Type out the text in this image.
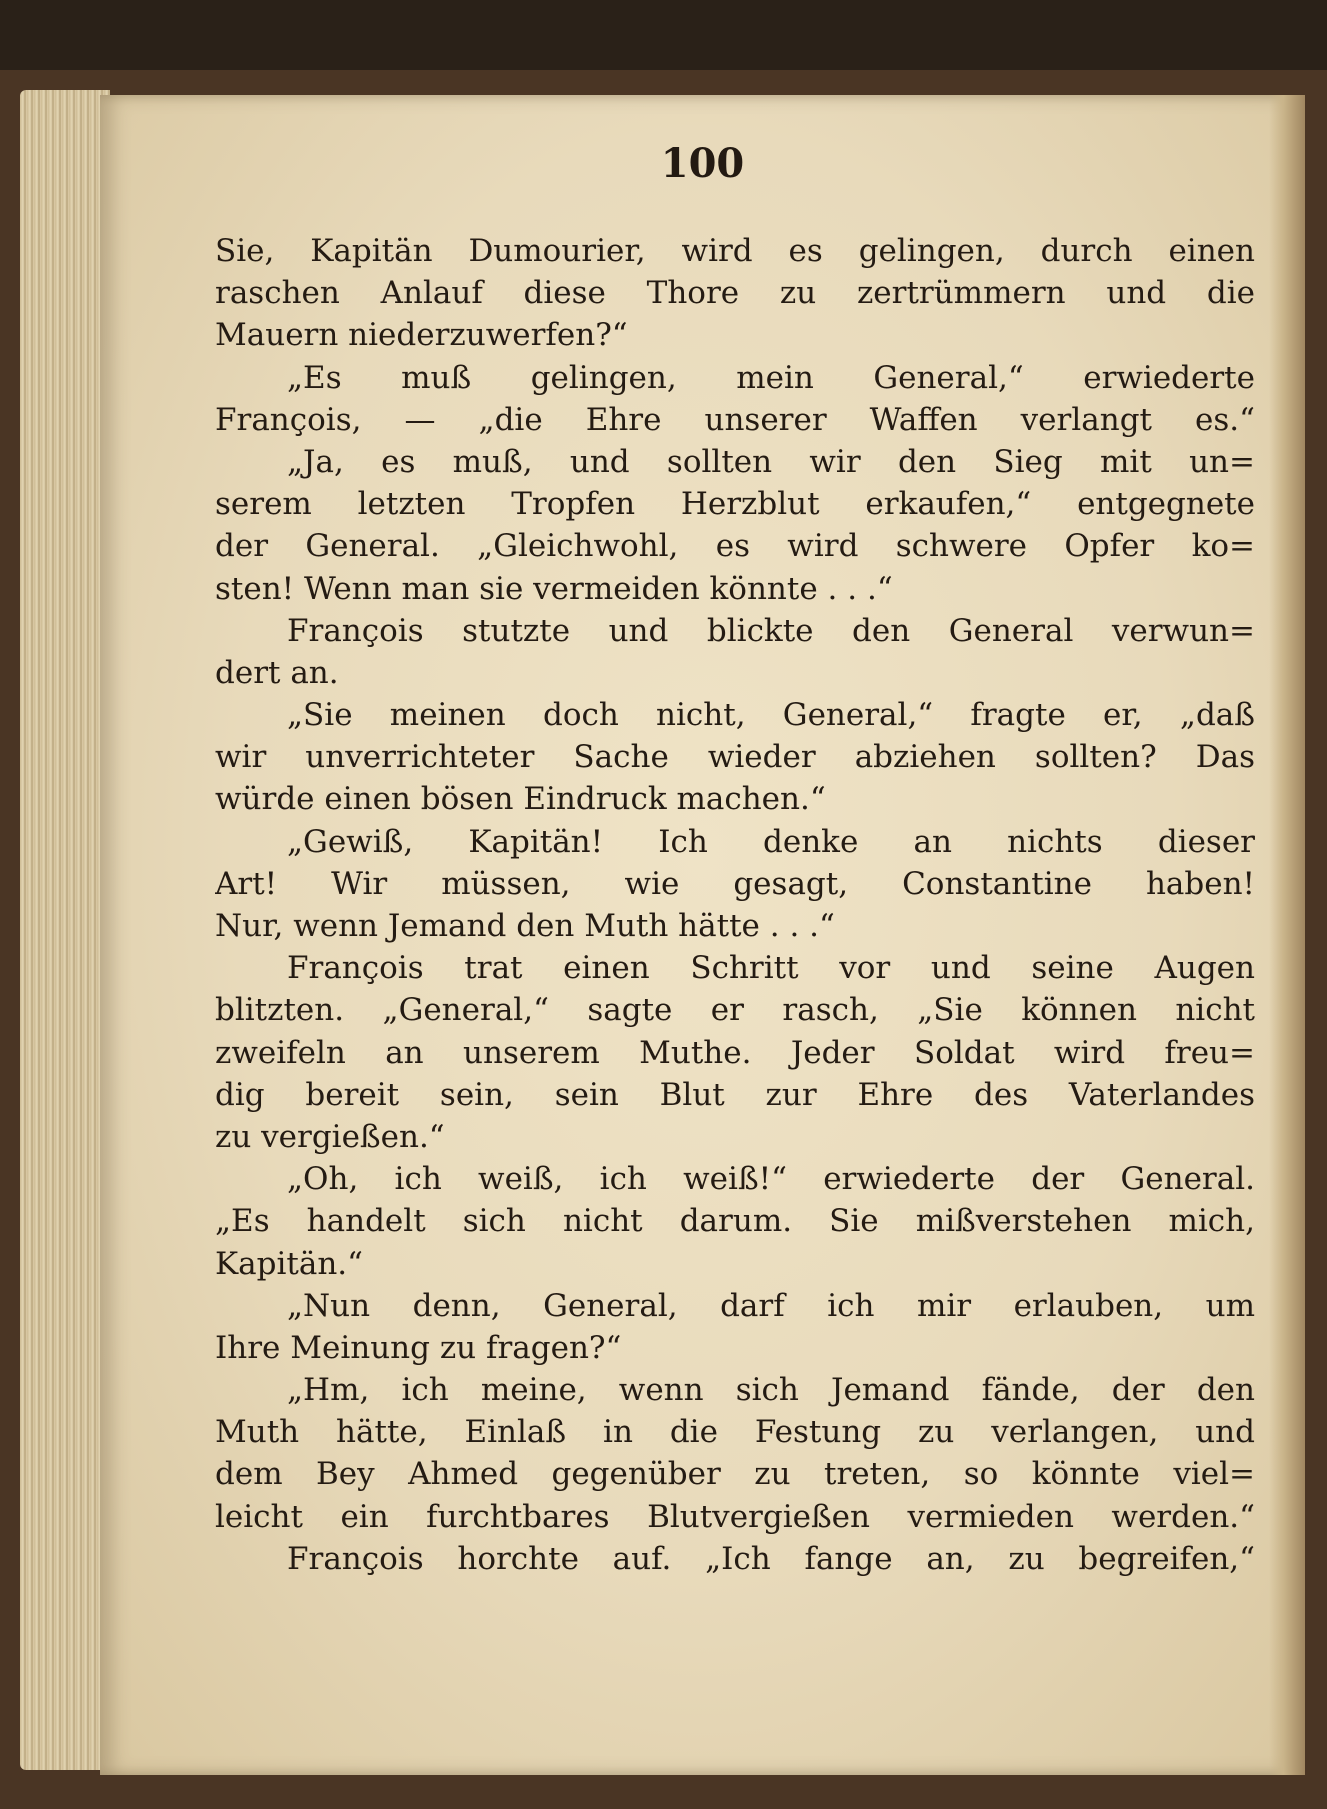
100
Sie, Kapitän Dumourier, wird es gelingen, durch einen
raschen Anlauf diese Thore zu zertrümmern und die
Mauern niederzuwerfen?“
„Es muß gelingen, mein General,“ erwiederte
François, — „die Ehre unserer Waffen verlangt es.“
„Ja, es muß, und sollten wir den Sieg mit un=
serem letzten Tropfen Herzblut erkaufen,“ entgegnete
der General. „Gleichwohl, es wird schwere Opfer ko=
sten! Wenn man sie vermeiden könnte . . .“
François stutzte und blickte den General verwun=
dert an.
„Sie meinen doch nicht, General,“ fragte er, „daß
wir unverrichteter Sache wieder abziehen sollten? Das
würde einen bösen Eindruck machen.“
„Gewiß, Kapitän! Ich denke an nichts dieser
Art! Wir müssen, wie gesagt, Constantine haben!
Nur, wenn Jemand den Muth hätte . . .“
François trat einen Schritt vor und seine Augen
blitzten. „General,“ sagte er rasch, „Sie können nicht
zweifeln an unserem Muthe. Jeder Soldat wird freu=
dig bereit sein, sein Blut zur Ehre des Vaterlandes
zu vergießen.“
„Oh, ich weiß, ich weiß!“ erwiederte der General.
„Es handelt sich nicht darum. Sie mißverstehen mich,
Kapitän.“
„Nun denn, General, darf ich mir erlauben, um
Ihre Meinung zu fragen?“
„Hm, ich meine, wenn sich Jemand fände, der den
Muth hätte, Einlaß in die Festung zu verlangen, und
dem Bey Ahmed gegenüber zu treten, so könnte viel=
leicht ein furchtbares Blutvergießen vermieden werden.“
François horchte auf. „Ich fange an, zu begreifen,“
